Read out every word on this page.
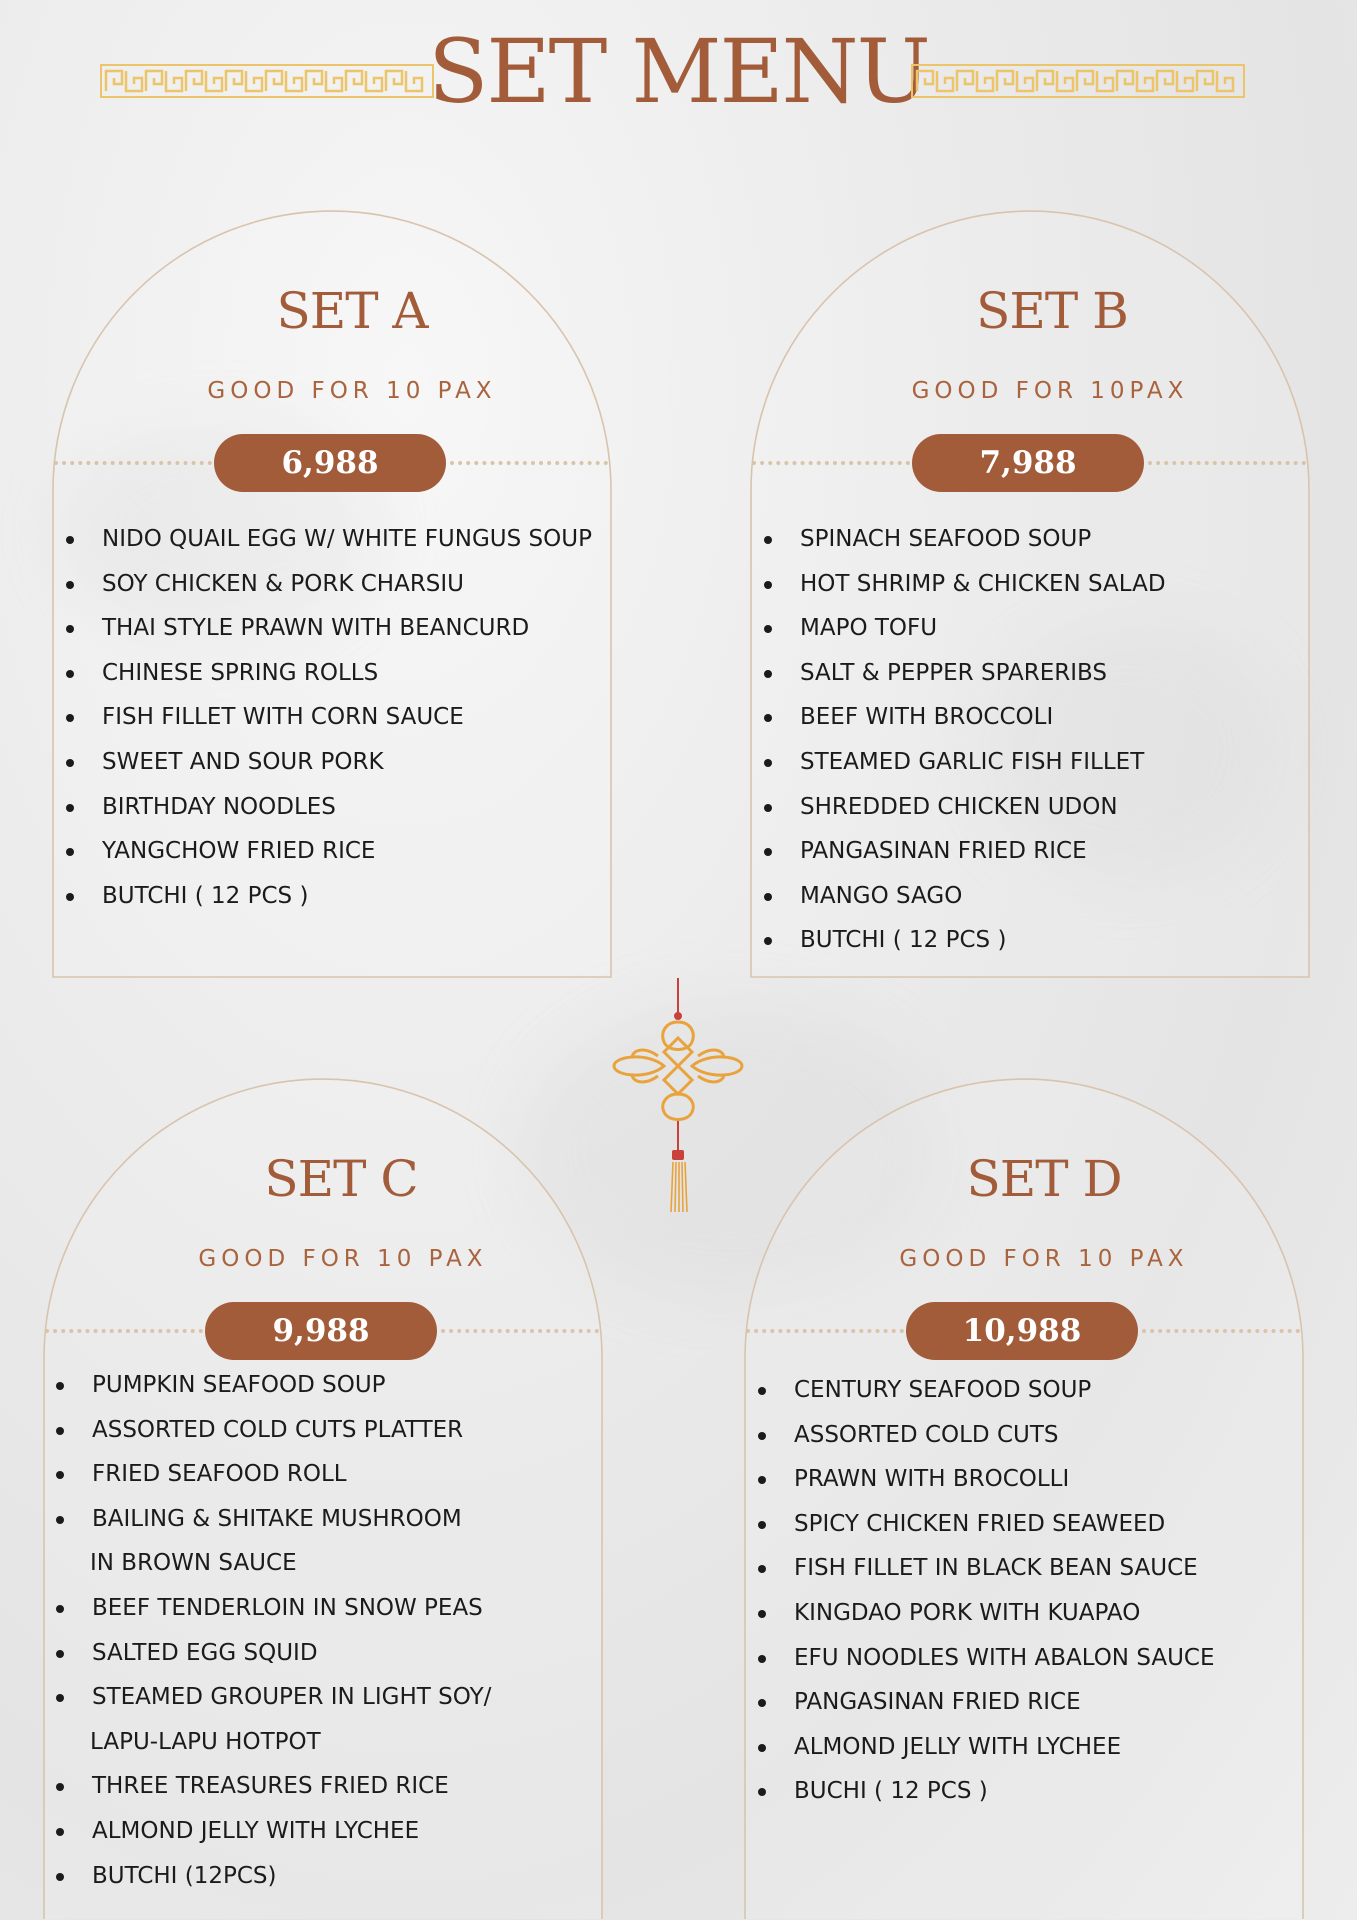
SET MENU
SET A
GOOD FOR 10 PAX
6,988
NIDO QUAIL EGG W/ WHITE FUNGUS SOUP
SOY CHICKEN & PORK CHARSIU
THAI STYLE PRAWN WITH BEANCURD
CHINESE SPRING ROLLS
FISH FILLET WITH CORN SAUCE
SWEET AND SOUR PORK
BIRTHDAY NOODLES
YANGCHOW FRIED RICE
BUTCHI ( 12 PCS )
SET B
GOOD FOR 10PAX
7,988
SPINACH SEAFOOD SOUP
HOT SHRIMP & CHICKEN SALAD
MAPO TOFU
SALT & PEPPER SPARERIBS
BEEF WITH BROCCOLI
STEAMED GARLIC FISH FILLET
SHREDDED CHICKEN UDON
PANGASINAN FRIED RICE
MANGO SAGO
BUTCHI ( 12 PCS )
SET C
GOOD FOR 10 PAX
9,988
PUMPKIN SEAFOOD SOUP
ASSORTED COLD CUTS PLATTER
FRIED SEAFOOD ROLL
BAILING & SHITAKE MUSHROOM
IN BROWN SAUCE
BEEF TENDERLOIN IN SNOW PEAS
SALTED EGG SQUID
STEAMED GROUPER IN LIGHT SOY/
LAPU-LAPU HOTPOT
THREE TREASURES FRIED RICE
ALMOND JELLY WITH LYCHEE
BUTCHI (12PCS)
SET D
GOOD FOR 10 PAX
10,988
CENTURY SEAFOOD SOUP
ASSORTED COLD CUTS
PRAWN WITH BROCOLLI
SPICY CHICKEN FRIED SEAWEED
FISH FILLET IN BLACK BEAN SAUCE
KINGDAO PORK WITH KUAPAO
EFU NOODLES WITH ABALON SAUCE
PANGASINAN FRIED RICE
ALMOND JELLY WITH LYCHEE
BUCHI ( 12 PCS )
